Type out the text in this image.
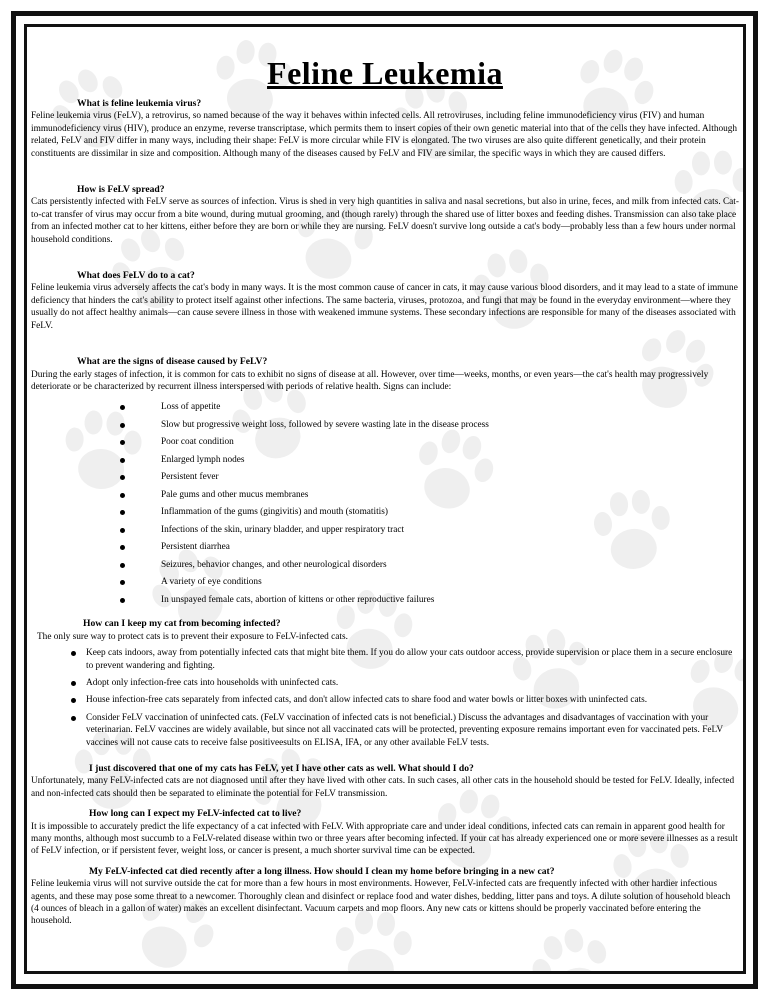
Feline Leukemia

What is feline leukemia virus?

Feline leukemia virus (FeLV), a retrovirus, so named because of the way it behaves within infected cells. All retroviruses, including feline immunodeficiency virus (FIV) and human immunodeficiency virus (HIV), produce an enzyme, reverse transcriptase, which permits them to insert copies of their own genetic material into that of the cells they have infected. Although related, FeLV and FIV differ in many ways, including their shape: FeLV is more circular while FIV is elongated. The two viruses are also quite different genetically, and their protein constituents are dissimilar in size and composition. Although many of the diseases caused by FeLV and FIV are similar, the specific ways in which they are caused differs.

How is FeLV spread?

Cats persistently infected with FeLV serve as sources of infection. Virus is shed in very high quantities in saliva and nasal secretions, but also in urine, feces, and milk from infected cats. Cat-to-cat transfer of virus may occur from a bite wound, during mutual grooming, and (though rarely) through the shared use of litter boxes and feeding dishes. Transmission can also take place from an infected mother cat to her kittens, either before they are born or while they are nursing. FeLV doesn't survive long outside a cat's body—probably less than a few hours under normal household conditions.

What does FeLV do to a cat?

Feline leukemia virus adversely affects the cat's body in many ways. It is the most common cause of cancer in cats, it may cause various blood disorders, and it may lead to a state of immune deficiency that hinders the cat's ability to protect itself against other infections. The same bacteria, viruses, protozoa, and fungi that may be found in the everyday environment—where they usually do not affect healthy animals—can cause severe illness in those with weakened immune systems. These secondary infections are responsible for many of the diseases associated with FeLV.

What are the signs of disease caused by FeLV?

During the early stages of infection, it is common for cats to exhibit no signs of disease at all. However, over time—weeks, months, or even years—the cat's health may progressively deteriorate or be characterized by recurrent illness interspersed with periods of relative health. Signs can include:

Loss of appetite
Slow but progressive weight loss, followed by severe wasting late in the disease process
Poor coat condition
Enlarged lymph nodes
Persistent fever
Pale gums and other mucus membranes
Inflammation of the gums (gingivitis) and mouth (stomatitis)
Infections of the skin, urinary bladder, and upper respiratory tract
Persistent diarrhea
Seizures, behavior changes, and other neurological disorders
A variety of eye conditions
In unspayed female cats, abortion of kittens or other reproductive failures

How can I keep my cat from becoming infected?

The only sure way to protect cats is to prevent their exposure to FeLV-infected cats.

Keep cats indoors, away from potentially infected cats that might bite them. If you do allow your cats outdoor access, provide supervision or place them in a secure enclosure to prevent wandering and fighting.
Adopt only infection-free cats into households with uninfected cats.
House infection-free cats separately from infected cats, and don't allow infected cats to share food and water bowls or litter boxes with uninfected cats.
Consider FeLV vaccination of uninfected cats. (FeLV vaccination of infected cats is not beneficial.) Discuss the advantages and disadvantages of vaccination with your veterinarian. FeLV vaccines are widely available, but since not all vaccinated cats will be protected, preventing exposure remains important even for vaccinated pets. FeLV vaccines will not cause cats to receive false positiveesults on ELISA, IFA, or any other available FeLV tests.

I just discovered that one of my cats has FeLV, yet I have other cats as well. What should I do?

Unfortunately, many FeLV-infected cats are not diagnosed until after they have lived with other cats. In such cases, all other cats in the household should be tested for FeLV. Ideally, infected and non-infected cats should then be separated to eliminate the potential for FeLV transmission.

How long can I expect my FeLV-infected cat to live?

It is impossible to accurately predict the life expectancy of a cat infected with FeLV. With appropriate care and under ideal conditions, infected cats can remain in apparent good health for many months, although most succumb to a FeLV-related disease within two or three years after becoming infected. If your cat has already experienced one or more severe illnesses as a result of FeLV infection, or if persistent fever, weight loss, or cancer is present, a much shorter survival time can be expected.

My FeLV-infected cat died recently after a long illness. How should I clean my home before bringing in a new cat?

Feline leukemia virus will not survive outside the cat for more than a few hours in most environments. However, FeLV-infected cats are frequently infected with other hardier infectious agents, and these may pose some threat to a newcomer. Thoroughly clean and disinfect or replace food and water dishes, bedding, litter pans and toys. A dilute solution of household bleach (4 ounces of bleach in a gallon of water) makes an excellent disinfectant. Vacuum carpets and mop floors. Any new cats or kittens should be properly vaccinated before entering the household.
